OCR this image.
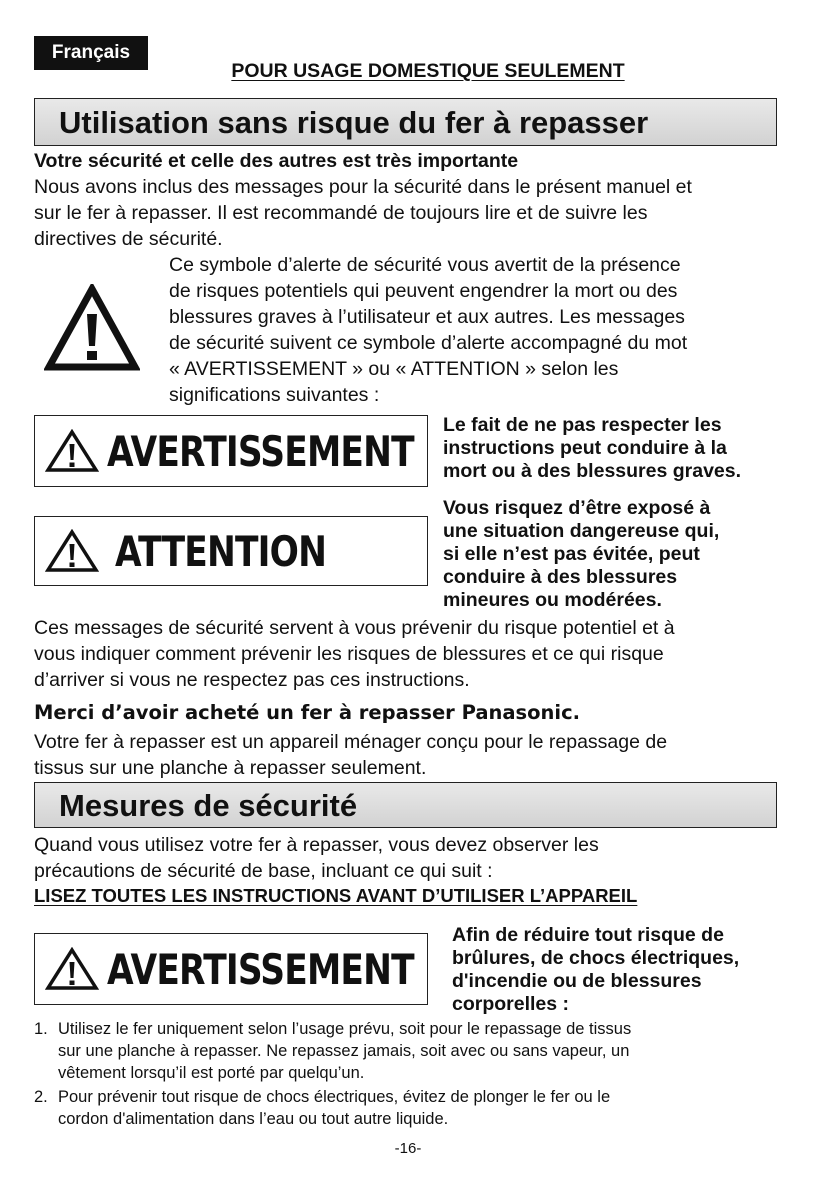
Français
POUR USAGE DOMESTIQUE SEULEMENT
Utilisation sans risque du fer à repasser
Votre sécurité et celle des autres est très importante
Nous avons inclus des messages pour la sécurité dans le présent manuel et
sur le fer à repasser. Il est recommandé de toujours lire et de suivre les
directives de sécurité.
Ce symbole d’alerte de sécurité vous avertit de la présence
de risques potentiels qui peuvent engendrer la mort ou des
blessures graves à l’utilisateur et aux autres. Les messages
de sécurité suivent ce symbole d’alerte accompagné du mot
« AVERTISSEMENT » ou « ATTENTION » selon les
significations suivantes :
AVERTISSEMENT
Le fait de ne pas respecter les
instructions peut conduire à la
mort ou à des blessures graves.
ATTENTION
Vous risquez d’être exposé à
une situation dangereuse qui,
si elle n’est pas évitée, peut
conduire à des blessures
mineures ou modérées.
Ces messages de sécurité servent à vous prévenir du risque potentiel et à
vous indiquer comment prévenir les risques de blessures et ce qui risque
d’arriver si vous ne respectez pas ces instructions.
Merci d’avoir acheté un fer à repasser Panasonic.
Votre fer à repasser est un appareil ménager conçu pour le repassage de
tissus sur une planche à repasser seulement.
Mesures de sécurité
Quand vous utilisez votre fer à repasser, vous devez observer les
précautions de sécurité de base, incluant ce qui suit :
LISEZ TOUTES LES INSTRUCTIONS AVANT D’UTILISER L’APPAREIL
AVERTISSEMENT
Afin de réduire tout risque de
brûlures, de chocs électriques,
d'incendie ou de blessures
corporelles :
1. Utilisez le fer uniquement selon l’usage prévu, soit pour le repassage de tissus
sur une planche à repasser. Ne repassez jamais, soit avec ou sans vapeur, un
vêtement lorsqu’il est porté par quelqu’un.
2. Pour prévenir tout risque de chocs électriques, évitez de plonger le fer ou le
cordon d'alimentation dans l’eau ou tout autre liquide.
-16-
